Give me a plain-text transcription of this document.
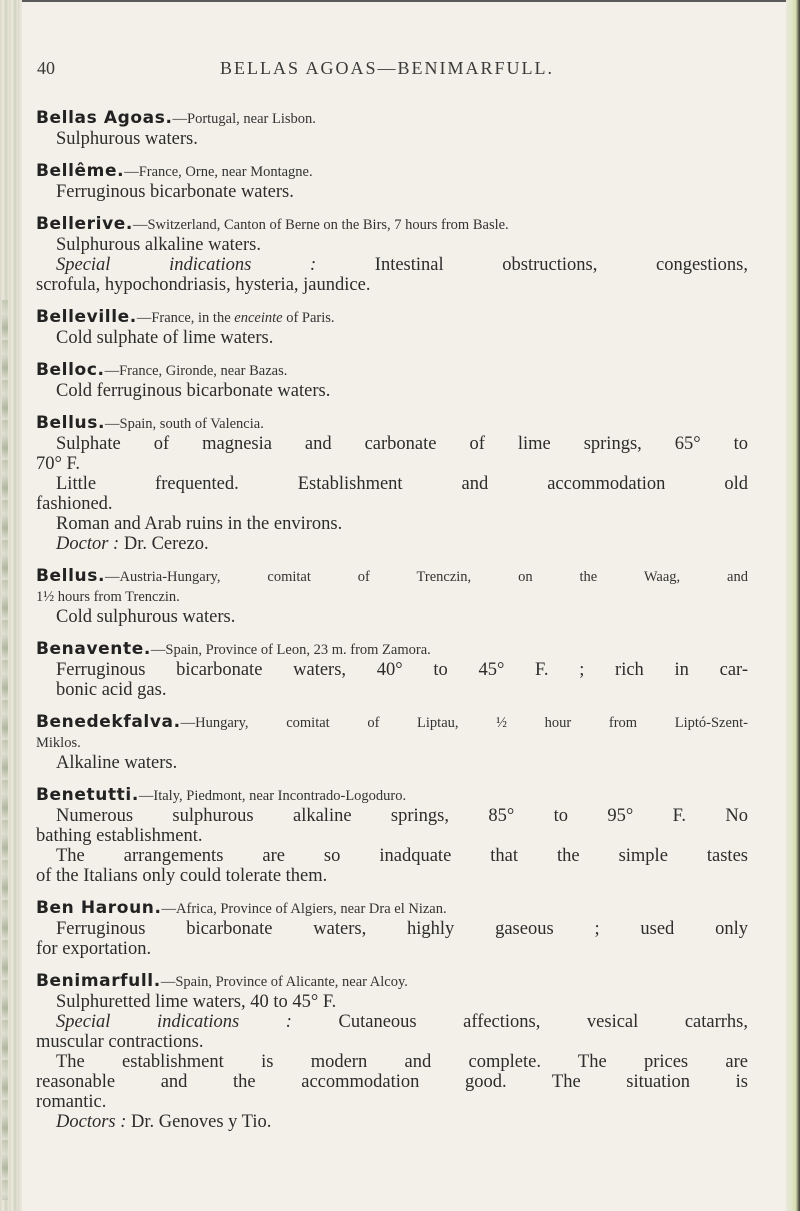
40	BELLAS AGOAS—BENIMARFULL.

Bellas Agoas.—Portugal, near Lisbon.

Sulphurous waters.

Bellême.—France, Orne, near Montagne.

Ferruginous bicarbonate waters.

Bellerive.—Switzerland, Canton of Berne on the Birs, 7 hours from Basle.

Sulphurous alkaline waters.

Special indications :	Intestinal obstructions, congestions,

scrofula, hypochondriasis, hysteria, jaundice.

Belleville.—France, in the enceinte of Paris.

Cold sulphate of lime waters.

Belloc.—France, Gironde, near Bazas.

Cold ferruginous bicarbonate waters.

Bellus.—Spain, south of Valencia.

Sulphate of magnesia and carbonate of lime springs, 65° to

70° F.

Little frequented. Establishment and accommodation old

fashioned.

Roman and Arab ruins in the environs.

Doctor : Dr. Cerezo.

Bellus.—Austria-Hungary, comitat of Trenczin, on the Waag, and

1½ hours from Trenczin.

Cold sulphurous waters.

Benavente.—Spain, Province of Leon, 23 m. from Zamora.

Ferruginous bicarbonate waters, 40° to 45° F. ; rich in car-

bonic acid gas.

Benedekfalva.—Hungary, comitat of Liptau, ½ hour from Liptó-Szent-

Miklos.

Alkaline waters.

Benetutti.—Italy, Piedmont, near Incontrado-Logoduro.

Numerous sulphurous alkaline springs, 85° to 95° F. No

bathing establishment.

The arrangements are so inadquate that the simple tastes

of the Italians only could tolerate them.

Ben Haroun.—Africa, Province of Algiers, near Dra el Nizan.

Ferruginous bicarbonate waters, highly gaseous ; used only

for exportation.

Benimarfull.—Spain, Province of Alicante, near Alcoy.

Sulphuretted lime waters, 40 to 45° F.

Special indications :	Cutaneous affections, vesical catarrhs,

muscular contractions.

The establishment is modern and complete. The prices are

reasonable and the accommodation good. The situation is

romantic.

Doctors : Dr. Genoves y Tio.
